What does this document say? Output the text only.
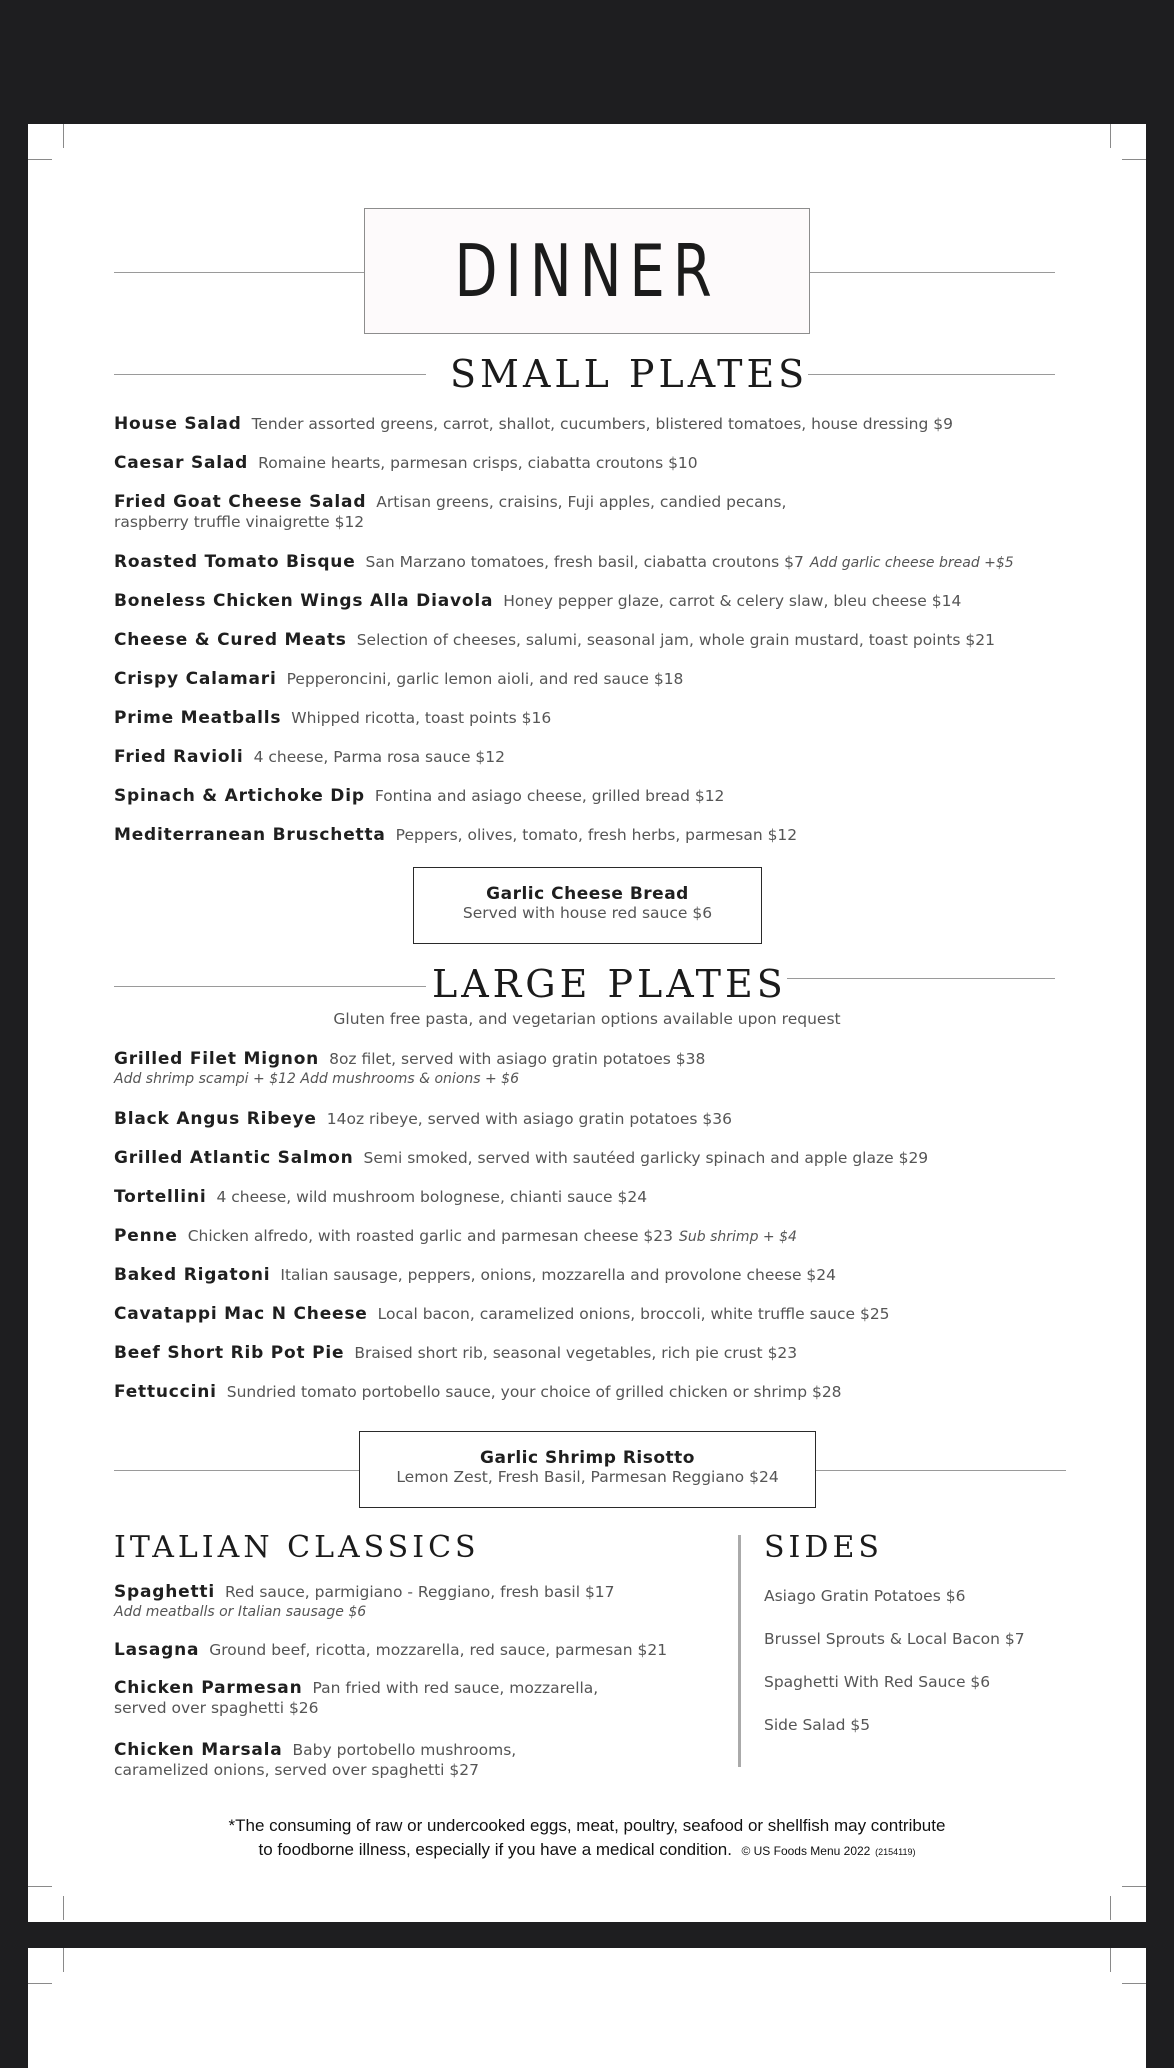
DINNER
SMALL PLATES
House Salad Tender assorted greens, carrot, shallot, cucumbers, blistered tomatoes, house dressing $9
Caesar Salad Romaine hearts, parmesan crisps, ciabatta croutons $10
Fried Goat Cheese Salad Artisan greens, craisins, Fuji apples, candied pecans,
raspberry truffle vinaigrette $12
Roasted Tomato Bisque San Marzano tomatoes, fresh basil, ciabatta croutons $7 Add garlic cheese bread +$5
Boneless Chicken Wings Alla Diavola Honey pepper glaze, carrot & celery slaw, bleu cheese $14
Cheese & Cured Meats Selection of cheeses, salumi, seasonal jam, whole grain mustard, toast points $21
Crispy Calamari Pepperoncini, garlic lemon aioli, and red sauce $18
Prime Meatballs Whipped ricotta, toast points $16
Fried Ravioli 4 cheese, Parma rosa sauce $12
Spinach & Artichoke Dip Fontina and asiago cheese, grilled bread $12
Mediterranean Bruschetta Peppers, olives, tomato, fresh herbs, parmesan $12
Garlic Cheese Bread
Served with house red sauce $6
LARGE PLATES
Gluten free pasta, and vegetarian options available upon request
Grilled Filet Mignon 8oz filet, served with asiago gratin potatoes $38
Add shrimp scampi + $12 Add mushrooms & onions + $6
Black Angus Ribeye 14oz ribeye, served with asiago gratin potatoes $36
Grilled Atlantic Salmon Semi smoked, served with sautéed garlicky spinach and apple glaze $29
Tortellini 4 cheese, wild mushroom bolognese, chianti sauce $24
Penne Chicken alfredo, with roasted garlic and parmesan cheese $23 Sub shrimp + $4
Baked Rigatoni Italian sausage, peppers, onions, mozzarella and provolone cheese $24
Cavatappi Mac N Cheese Local bacon, caramelized onions, broccoli, white truffle sauce $25
Beef Short Rib Pot Pie Braised short rib, seasonal vegetables, rich pie crust $23
Fettuccini Sundried tomato portobello sauce, your choice of grilled chicken or shrimp $28
Garlic Shrimp Risotto
Lemon Zest, Fresh Basil, Parmesan Reggiano $24
ITALIAN CLASSICS
Spaghetti Red sauce, parmigiano - Reggiano, fresh basil $17
Add meatballs or Italian sausage $6
Lasagna Ground beef, ricotta, mozzarella, red sauce, parmesan $21
Chicken Parmesan Pan fried with red sauce, mozzarella,
served over spaghetti $26
Chicken Marsala Baby portobello mushrooms,
caramelized onions, served over spaghetti $27
SIDES
Asiago Gratin Potatoes $6
Brussel Sprouts & Local Bacon $7
Spaghetti With Red Sauce $6
Side Salad $5
*The consuming of raw or undercooked eggs, meat, poultry, seafood or shellfish may contribute
to foodborne illness, especially if you have a medical condition. © US Foods Menu 2022 (2154119)
